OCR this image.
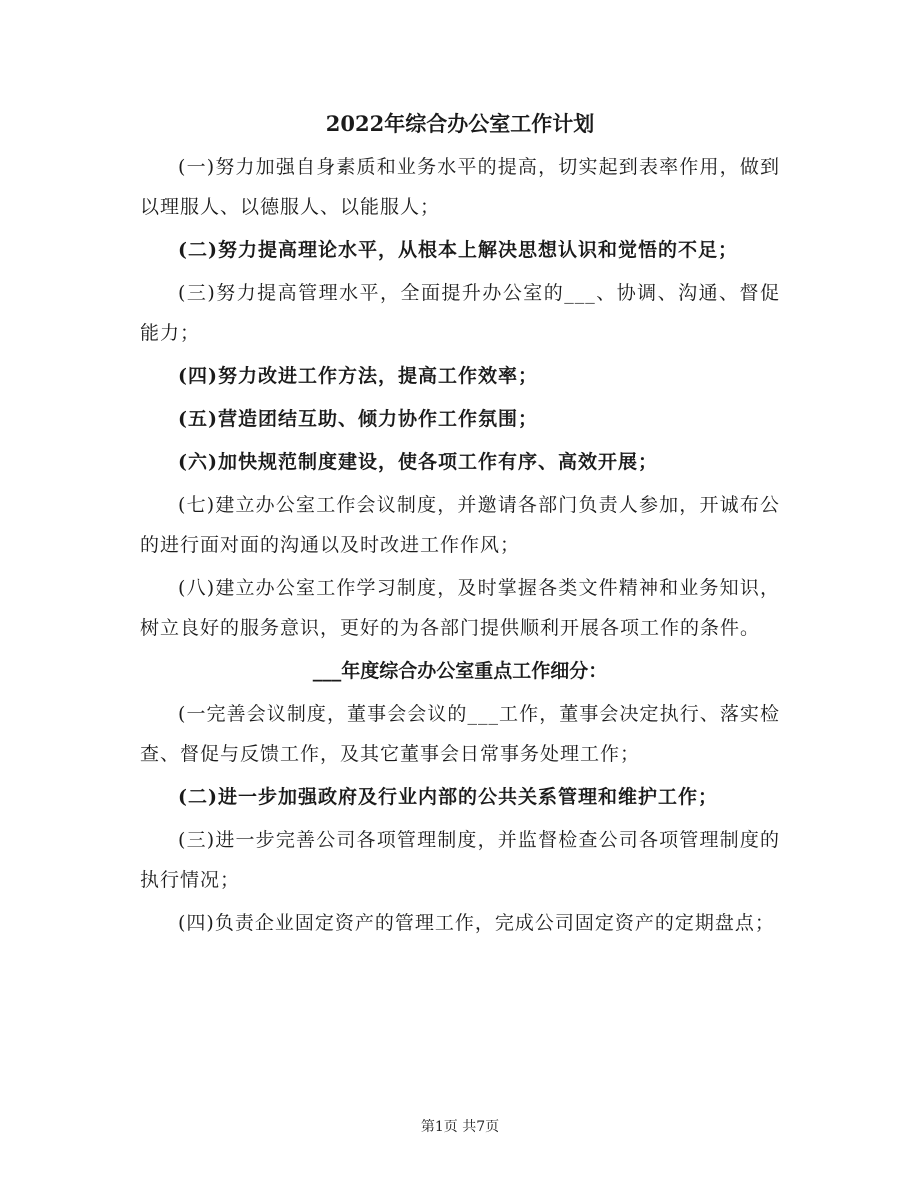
2022年综合办公室工作计划

(一)努力加强自身素质和业务水平的提高，切实起到表率作用，做到以理服人、以德服人、以能服人；

(二)努力提高理论水平，从根本上解决思想认识和觉悟的不足；

(三)努力提高管理水平，全面提升办公室的___、协调、沟通、督促能力；

(四)努力改进工作方法，提高工作效率；

(五)营造团结互助、倾力协作工作氛围；

(六)加快规范制度建设，使各项工作有序、高效开展；

(七)建立办公室工作会议制度，并邀请各部门负责人参加，开诚布公的进行面对面的沟通以及时改进工作作风；

(八)建立办公室工作学习制度，及时掌握各类文件精神和业务知识，树立良好的服务意识，更好的为各部门提供顺利开展各项工作的条件。

___年度综合办公室重点工作细分：

(一完善会议制度，董事会会议的___工作，董事会决定执行、落实检查、督促与反馈工作，及其它董事会日常事务处理工作；

(二)进一步加强政府及行业内部的公共关系管理和维护工作；

(三)进一步完善公司各项管理制度，并监督检查公司各项管理制度的执行情况；

(四)负责企业固定资产的管理工作，完成公司固定资产的定期盘点；

第1页 共7页
